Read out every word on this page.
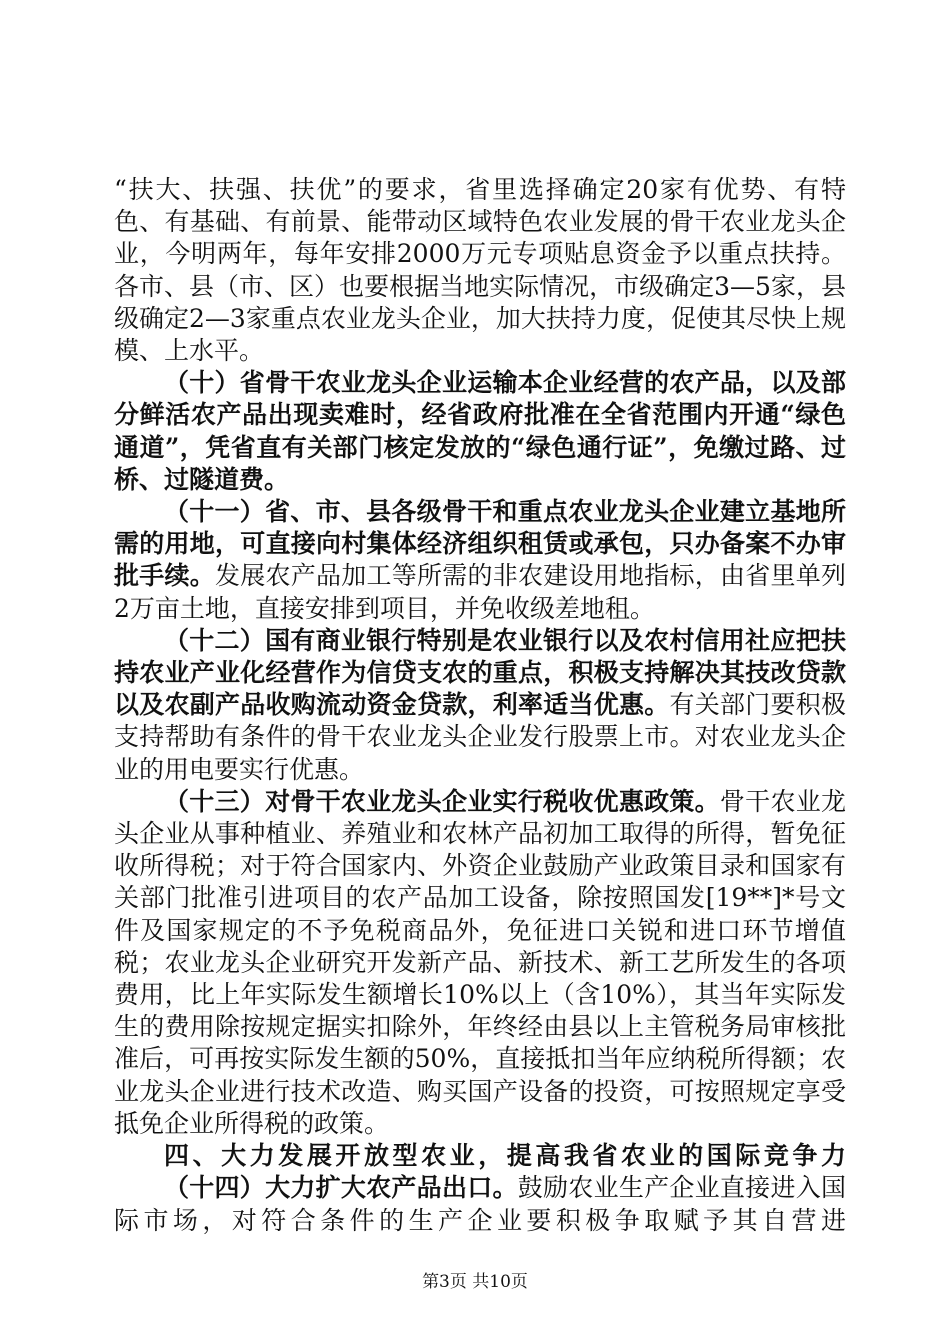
“扶大、扶强、扶优”的要求，省里选择确定20家有优势、有特色、有基础、有前景、能带动区域特色农业发展的骨干农业龙头企业，今明两年，每年安排2000万元专项贴息资金予以重点扶持。各市、县（市、区）也要根据当地实际情况，市级确定3—5家，县级确定2—3家重点农业龙头企业，加大扶持力度，促使其尽快上规模、上水平。

（十）省骨干农业龙头企业运输本企业经营的农产品，以及部分鲜活农产品出现卖难时，经省政府批准在全省范围内开通“绿色通道”，凭省直有关部门核定发放的“绿色通行证”，免缴过路、过桥、过隧道费。

（十一）省、市、县各级骨干和重点农业龙头企业建立基地所需的用地，可直接向村集体经济组织租赁或承包，只办备案不办审批手续。发展农产品加工等所需的非农建设用地指标，由省里单列2万亩土地，直接安排到项目，并免收级差地租。

（十二）国有商业银行特别是农业银行以及农村信用社应把扶持农业产业化经营作为信贷支农的重点，积极支持解决其技改贷款以及农副产品收购流动资金贷款，利率适当优惠。有关部门要积极支持帮助有条件的骨干农业龙头企业发行股票上市。对农业龙头企业的用电要实行优惠。

（十三）对骨干农业龙头企业实行税收优惠政策。骨干农业龙头企业从事种植业、养殖业和农林产品初加工取得的所得，暂免征收所得税；对于符合国家内、外资企业鼓励产业政策目录和国家有关部门批准引进项目的农产品加工设备，除按照国发[19**]*号文件及国家规定的不予免税商品外，免征进口关锐和进口环节增值税；农业龙头企业研究开发新产品、新技术、新工艺所发生的各项费用，比上年实际发生额增长10%以上（含10%），其当年实际发生的费用除按规定据实扣除外，年终经由县以上主管税务局审核批准后，可再按实际发生额的50%，直接抵扣当年应纳税所得额；农业龙头企业进行技术改造、购买国产设备的投资，可按照规定享受抵免企业所得税的政策。

四、大力发展开放型农业，提高我省农业的国际竞争力

（十四）大力扩大农产品出口。鼓励农业生产企业直接进入国际市场，对符合条件的生产企业要积极争取赋予其自营进

第3页 共10页
